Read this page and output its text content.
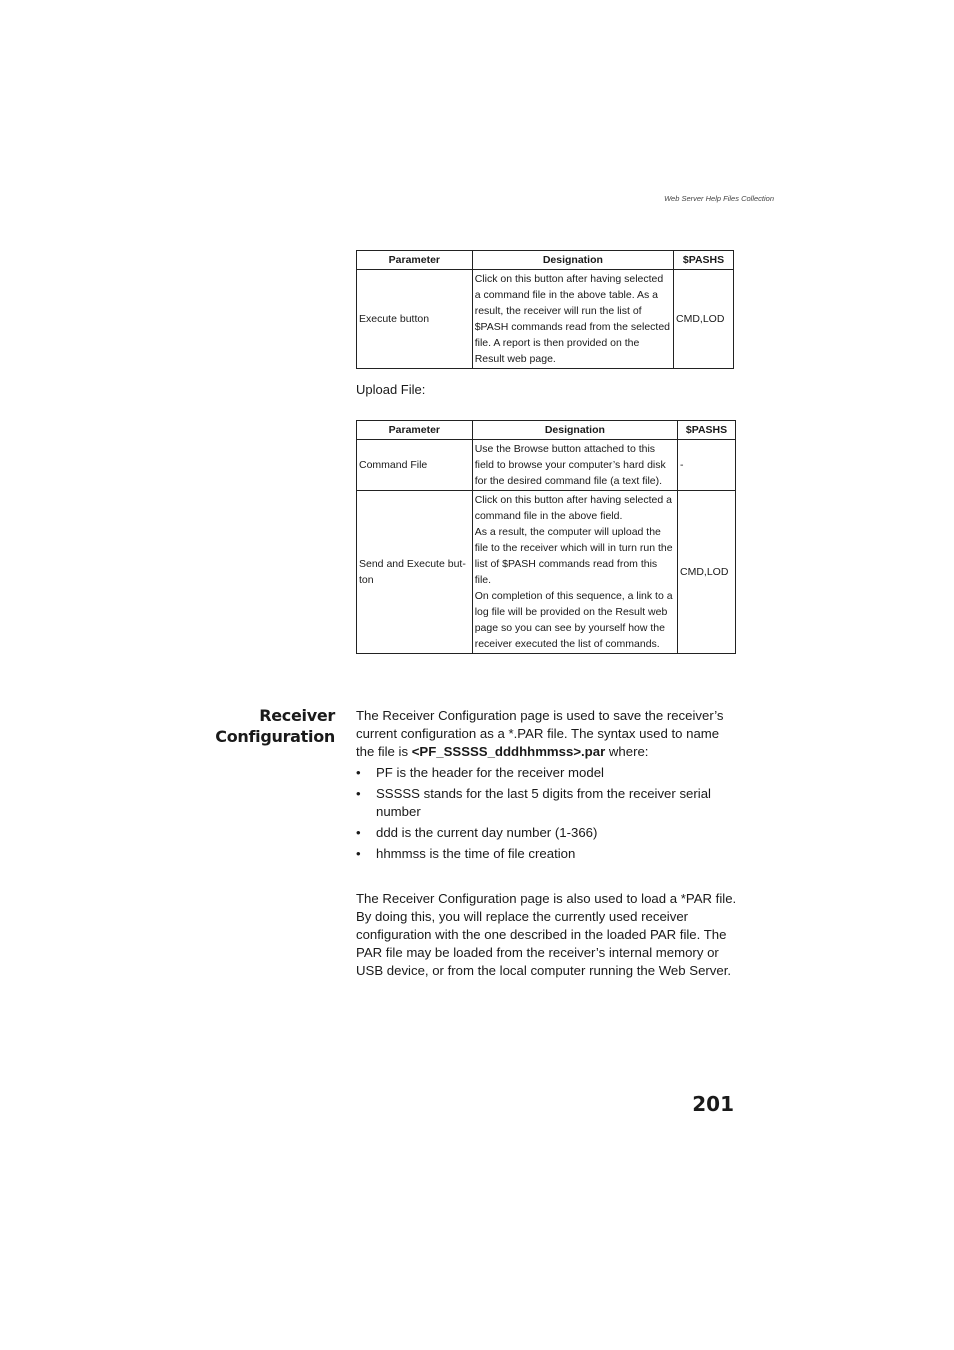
Web Server Help Files Collection
Parameter	Designation	$PASHS
Execute button	Click on this button after having selected a command file in the above table. As a result, the receiver will run the list of $PASH commands read from the selected file. A report is then provided on the Result web page.	CMD,LOD
Upload File:
Parameter	Designation	$PASHS
Command File	Use the Browse button attached to this field to browse your computer’s hard disk for the desired command file (a text file).	-
Send and Execute but-ton	Click on this button after having selected a command file in the above field.
As a result, the computer will upload the file to the receiver which will in turn run the list of $PASH commands read from this file.
On completion of this sequence, a link to a log file will be provided on the Result web page so you can see by yourself how the receiver executed the list of commands.	CMD,LOD
Receiver
Configuration

The Receiver Configuration page is used to save the receiver’s current configuration as a *.PAR file. The syntax used to name the file is <PF_SSSSS_dddhhmmss>.par where:

• PF is the header for the receiver model
• SSSSS stands for the last 5 digits from the receiver serial number
• ddd is the current day number (1-366)
• hhmmss is the time of file creation

The Receiver Configuration page is also used to load a *PAR file. By doing this, you will replace the currently used receiver configuration with the one described in the loaded PAR file. The PAR file may be loaded from the receiver’s internal memory or USB device, or from the local computer running the Web Server.

201
